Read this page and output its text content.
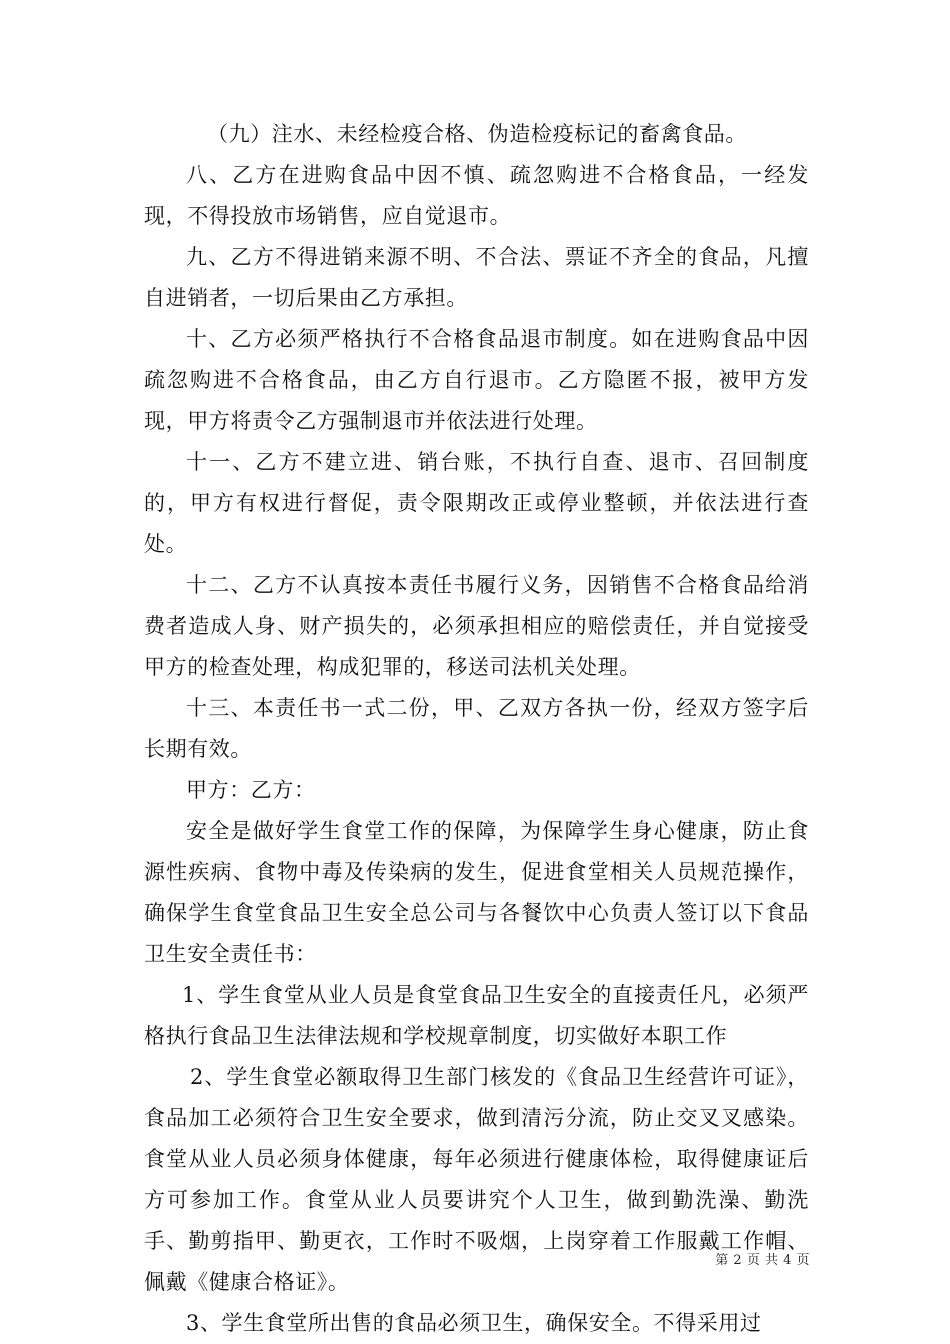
（九）注水、未经检疫合格、伪造检疫标记的畜禽食品。

八、乙方在进购食品中因不慎、疏忽购进不合格食品，一经发现，不得投放市场销售，应自觉退市。

九、乙方不得进销来源不明、不合法、票证不齐全的食品，凡擅自进销者，一切后果由乙方承担。

十、乙方必须严格执行不合格食品退市制度。如在进购食品中因疏忽购进不合格食品，由乙方自行退市。乙方隐匿不报，被甲方发现，甲方将责令乙方强制退市并依法进行处理。

十一、乙方不建立进、销台账，不执行自查、退市、召回制度的，甲方有权进行督促，责令限期改正或停业整顿，并依法进行查处。

十二、乙方不认真按本责任书履行义务，因销售不合格食品给消费者造成人身、财产损失的，必须承担相应的赔偿责任，并自觉接受甲方的检查处理，构成犯罪的，移送司法机关处理。

十三、本责任书一式二份，甲、乙双方各执一份，经双方签字后长期有效。

甲方：乙方：

安全是做好学生食堂工作的保障，为保障学生身心健康，防止食源性疾病、食物中毒及传染病的发生，促进食堂相关人员规范操作，确保学生食堂食品卫生安全总公司与各餐饮中心负责人签订以下食品卫生安全责任书：

1、学生食堂从业人员是食堂食品卫生安全的直接责任凡，必须严格执行食品卫生法律法规和学校规章制度，切实做好本职工作

2、学生食堂必额取得卫生部门核发的《食品卫生经营许可证》，食品加工必须符合卫生安全要求，做到清污分流，防止交叉叉感染。食堂从业人员必须身体健康，每年必须进行健康体检，取得健康证后方可参加工作。食堂从业人员要讲究个人卫生，做到勤洗澡、勤洗手、勤剪指甲、勤更衣，工作时不吸烟，上岗穿着工作服戴工作帽、佩戴《健康合格证》。

3、学生食堂所出售的食品必须卫生，确保安全。不得采用过

第 2 页 共 4 页
